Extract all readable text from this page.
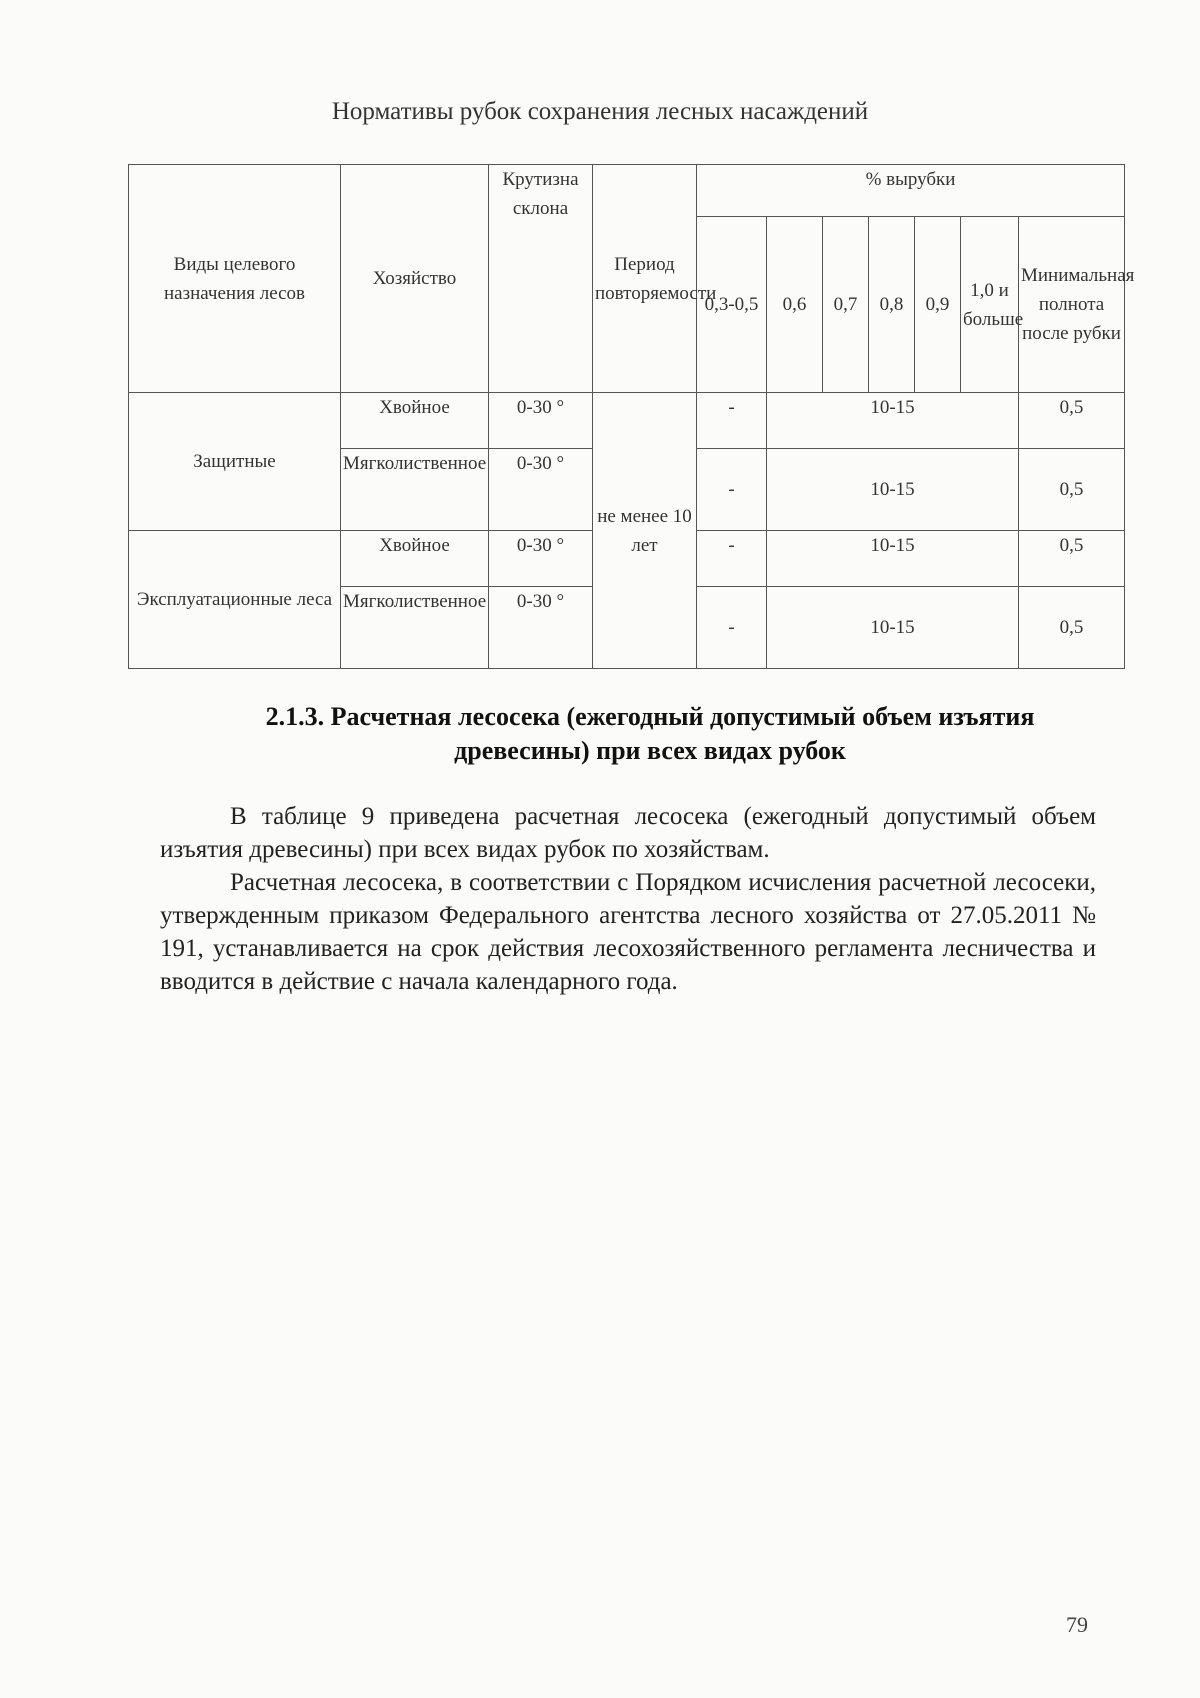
Нормативы рубок сохранения лесных насаждений
Виды целевого назначения лесов	Хозяйство	Крутизна склона	Период повторяемости	% вырубки						
				0,3-0,5	0,6	0,7	0,8	0,9	1,0 и больше	Минимальная полнота после рубки
Защитные	Хвойное	0-30 °	не менее 10 лет	-	10-15					0,5
	Мягколиственное	0-30 °		-	10-15					0,5
Эксплуатационные леса	Хвойное	0-30 °		-	10-15					0,5
	Мягколиственное	0-30 °		-	10-15					0,5
2.1.3. Расчетная лесосека (ежегодный допустимый объем изъятия древесины) при всех видах рубок
В таблице 9 приведена расчетная лесосека (ежегодный допустимый объем изъятия древесины) при всех видах рубок по хозяйствам.
Расчетная лесосека, в соответствии с Порядком исчисления расчетной лесосеки, утвержденным приказом Федерального агентства лесного хозяйства от 27.05.2011 № 191, устанавливается на срок действия лесохозяйственного регламента лесничества и вводится в действие с начала календарного года.
79
